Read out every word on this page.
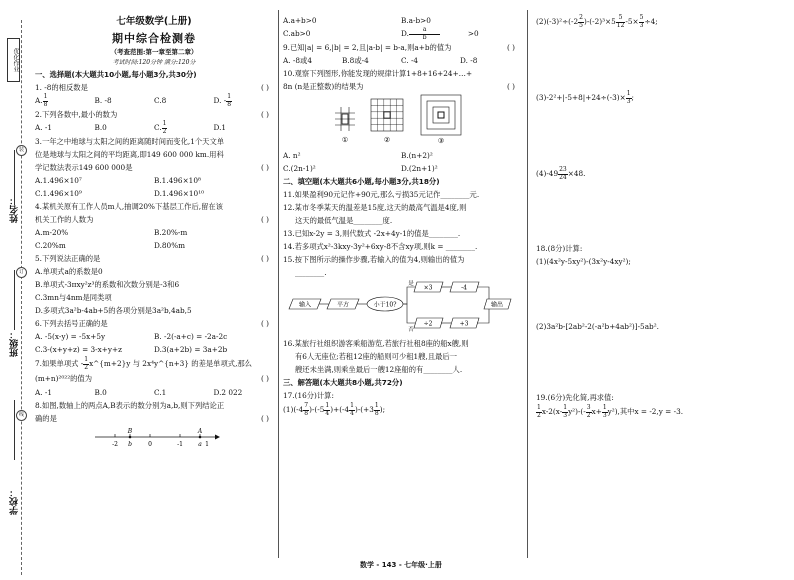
优化作业
姓名：
班级：
学校：
装
订
线
七年级数学(上册)
期中综合检测卷
（考查范围:第一章至第二章）
考试时间:120分钟 满分:120分
一、选择题(本大题共10小题,每小题3分,共30分)
1. -8的相反数是	( )
A. $\frac{1}{8}$	B. -8	C.8	D. - $\frac{1}{8}$
2.下列各数中,最小的数为	( )
A. -1	B.0	C. $\frac{1}{2}$	D.1
3.一年之中地球与太阳之间的距离随时间而变化,1个天文单
位是地球与太阳之间的平均距离,即149 600 000 km.用科
学记数法表示149 600 000是	( )
A.1.496×10⁷	B.1.496×10⁸
C.1.496×10⁹	D.1.496×10¹⁰
4.某机关原有工作人员m人,抽调20%下基层工作后,留在该
机关工作的人数为	( )
A.m-20%	B.20%-m
C.20%m	D.80%m
5.下列说法正确的是	( )
A.单项式a的系数是0
B.单项式-3πxy²z³的系数和次数分别是-3和6
C.3mn与4nm是同类项
D.多项式3a²b-4ab+5的各项分别是3a²b,4ab,5
6.下列去括号正确的是	( )
A. -5(x-y) = -5x+5y	B. -2(-a+c) = -2a-2c
C.3-(x+y+z) = 3-x+y+z	D.3(a+2b) = 3a+2b
7.如果单项式 - $\frac{1}{2}$ x^{m+2}y 与 2x⁴y^{n+3} 的差是单项式,那么
(m+n)²⁰²²的值为	( )
A. -1	B.0	C.1	D.2 022
8.如图,数轴上的两点A,B表示的数分别为a,b,则下列结论正
确的是	( )
B	A
-2 b	0	-1	a 1
A.a+b>0	B.a-b>0
C.ab>0	D. $\frac{a}{b} >0$
9.已知|a| = 6,|b| = 2,且|a-b| = b-a,则a+b的值为	( )
A. -8或4	B.8或-4	C. -4	D. -8
10.观察下列图形,你能发现的规律计算1+8+16+24+…+
8n (n是正整数)的结果为	( )
①	②	③
A. n²	B.(n+2)²
C.(2n-1)²	D.(2n+1)²
二、填空题(本大题共6小题,每小题3分,共18分)
11.如果盈利90元记作+90元,那么亏损35元记作________元.
12.某市冬季某天的温差是15度,这天的最高气温是4度,则
这天的最低气温是________度.
13.已知x-2y = 3,则代数式 -2x+4y-1的值是________.
14.若多项式x²-3kxy-3y²+6xy-8不含xy项,则k = ________.
15.按下图所示的操作步骤,若输入的值为4,则输出的值为
________.
输入	平方	小于10?
是
否
×3	-4
÷2	+3
输出
16.某旅行社组织游客乘船游览,若旅行社租8座的船x艘,则
有6人无座位;若租12座的船则可少租1艘,且最后一
艘还未坐满,则乘坐最后一艘12座船的有________人.
三、解答题(本大题共8小题,共72分)
17.(16分)计算:
$(1)(-4 \frac{7}{8} )-(-5 \frac{1}{4} )+(-4 \frac{1}{4} )-(+3 \frac{1}{8}$ );
$(2)(-3)^2\div(-2 \frac{2}{5} )-(-2)^3\times 5 \frac{5}{12} -5\times \frac{5}{3} \div 4$;
$(3)-2^2+|-5+8|+24\div(-3)\times \frac{1}{3}$ ;
$(4)-49 \frac{23}{24} \times 48$.
18.(8分)计算:
(1)(4x²y-5xy²)-(3x²y-4xy²);
(2)3a²b-[2ab²-2(-a²b+4ab²)]-5ab².
19.(6分)先化简,再求值:
$\frac{1}{2} x-2(x- \frac{1}{3} y^2)-(- \frac{3}{2} x+ \frac{1}{3} y^2)$,其中x = -2,y = -3.
数学 - 143 - 七年级·上册
